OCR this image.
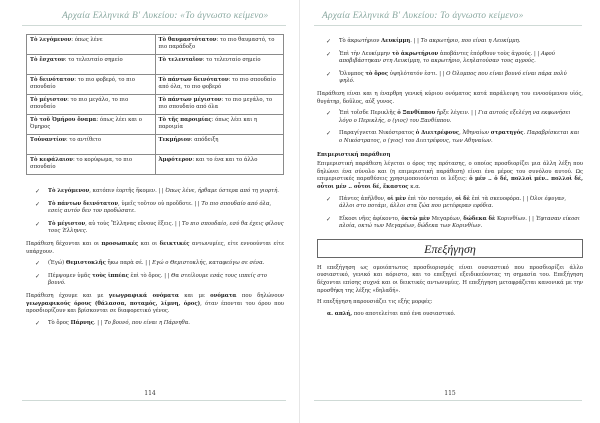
Αρχαία Ελληνικά Β' Λυκείου: «Το άγνωστο κείμενο»
Τὸ λεγόμενον: όπως λένε	Τὸ θαυμαστότατον: το πιο θαυμαστό, το πιο παράδοξο
Τὸ ἔσχατον: το τελευταίο σημείο	Τὸ τελευταῖον: το τελευταίο σημείο
Τὸ δεινότατον: το πιο φοβερό, το πιο σπουδαίο	Τὸ πάντων δεινότατον: το πιο σπουδαίο από όλα, το πιο φοβερό
Τὸ μέγιστον: το πιο μεγάλο, το πιο σπουδαίο	Τὸ πάντων μέγιστον: το πιο μεγάλο, το πιο σπουδαίο από όλα
Τὸ τοῦ Ὁμήρου ὄναμα: όπως λέει και ο Όμηρος	Τὸ τῆς παροιμίας: όπως λέει και η παροιμία
Τοὐναντίον: το αντίθετο	Τεκμήριον: απόδειξη
Τὸ κεφάλαιον: το κορύφωμα, το πιο σπουδαίο	Ἀμφότερον: και το ένα και το άλλο
✓ Τὸ λεγόμενον, κατόπιν ἑορτῆς ἥκομεν. | | Όπως λένε, ήρθαμε ύστερα από τη γιορτή.
✓ Τὸ πάντων δεινότατον, ὑμεῖς τοῦτον οὐ προὔδοτε. | | Το πιο σπουδαίο από όλα, εσείς αυτόν δεν τον προδώσατε.
✓ Τὸ μέγιστον, αὐ τοὺς Ἕλληνας εὔνους ἕξεις. | | Το πιο σπουδαίο, εσύ θα έχεις φίλους τους Έλληνες.
Παράθεση δέχονται και οι προσωπικές και οι δεικτικές αντωνυμίες, είτε εννοούνται είτε υπάρχουν.
✓ (Ἐγώ) Θεμιστοκλῆς ἥκω παρὰ σέ. | | Εγώ ο Θεμιστοκλής, καταφεύγω σε σένα.
✓ Πέμψομεν ὑμᾶς τοὺς ἱππέας ἐπὶ τὸ ὄρος. | | Θα στείλουμε εσάς τους ιππείς στο βουνό.
Παράθεση έχουμε και με γεωγραφικά ονόματα και με ονόματα που δηλώνουν γεωγραφικούς όρους (θάλασσα, ποταμός, λίμνη, όρος), όταν έπονται του όρου που προσδιορίζουν και βρίσκονται σε διαφορετικό γένος.
✓ Τὸ ὄρος Πάρνης. | | Το βουνό, που είναι η Πάρνηθα.
114
Αρχαία Ελληνικά Β' Λυκείου: Το άγνωστο κείμενο»
✓ Τὸ ἀκρωτήριον Λευκίμμη. | | Το ακρωτήριο, που είναι η Λευκίμμη.
✓ Ἐπὶ τὴν Λευκίμμην τὸ ἀκρωτήριον ἀποβάντες ἐπόρθουν τοὺς ἀγρούς. | | Αφού αποβιβάστηκαν στη Λευκίμμη, το ακρωτήριο, λεηλατούσαν τους αγρούς.
✓ Ὄλυμπος τὸ ὄρος ὑψηλότατόν ἐστι. | | Ο Όλυμπος που είναι βουνό είναι πάρα πολύ ψηλό.
Παράθεση είναι και η έναρθρη γενική κύριου ονόματος κατά παράλειψη του εννοούμενου υἱός, θυγάτηρ, δοῦλος, αὐξ γυνος.
✓ Ἐπὶ τοῖσδε Περικλῆς ὁ Ξανθίππου ἤρξε λέγειν. | | Για αυτούς εξελέγη να εκφωνήσει λόγο ο Περικλής, ο (γιος) του Ξανθίππου.
✓ Παραγίγνεται Νικόστρατος ὁ Διειτρέφους, Ἀθηναίων στρατηγός. Παραβρίσκεται και ο Νικόστρατος, ο (γιος) του Διειτρέφους, των Αθηναίων.
Επιμεριστική παράθεση
Επιμεριστική παράθεση λέγεται ο όρος της πρότασης, ο οποίος προσδιορίζει μια άλλη λέξη που δηλώνει ένα σύνολο και (η επιμεριστική παράθεση) είναι ένα μέρος του συνόλου αυτού. Ως επιμεριστικές παραθέσεις χρησιμοποιούνται οι λέξεις: ὁ μέν .. ὁ δέ, πολλοὶ μέν.. πολλοὶ δέ, οὗτοι μέν .. οὗτοι δέ, ἕκαστος κ.α.
✓ Πάντες ἀπῆλθον, οἱ μὲν ἐπὶ τὸν ποταμόν, οἱ δὲ ἐπὶ τὰ σκευοφόρα. | | Όλοι έφυγαν, άλλοι στο ποτάμι, άλλοι στα ζώα που μετέφεραν εφόδια.
✓ Εἴκοσι νῆες ἀφίκοντο, ὀκτὼ μὲν Μεγαρέων, δώδεκα δὲ Κορινθίων. | | Έφτασαν είκοσι πλοία, οκτώ των Μεγαρέων, δώδεκα των Κορινθίων.
Επεξήγηση
Η επεξήγηση ως ομοιόπτωτος προσδιορισμός είναι ουσιαστικό που προσδιορίζει άλλο ουσιαστικό, γενικό και αόριστο, και το επεξηγεί εξειδικεύοντας τη σημασία του. Επεξήγηση δέχονται επίσης συχνά και οι δεικτικές αντωνυμίες. Η επεξήγηση μεταφράζεται κανονικά με την προσθήκη της λέξης «δηλαδή».
Η επεξήγηση παρουσιάζει τις εξής μορφές:
α. απλή, που αποτελείται από ένα ουσιαστικό.
115
